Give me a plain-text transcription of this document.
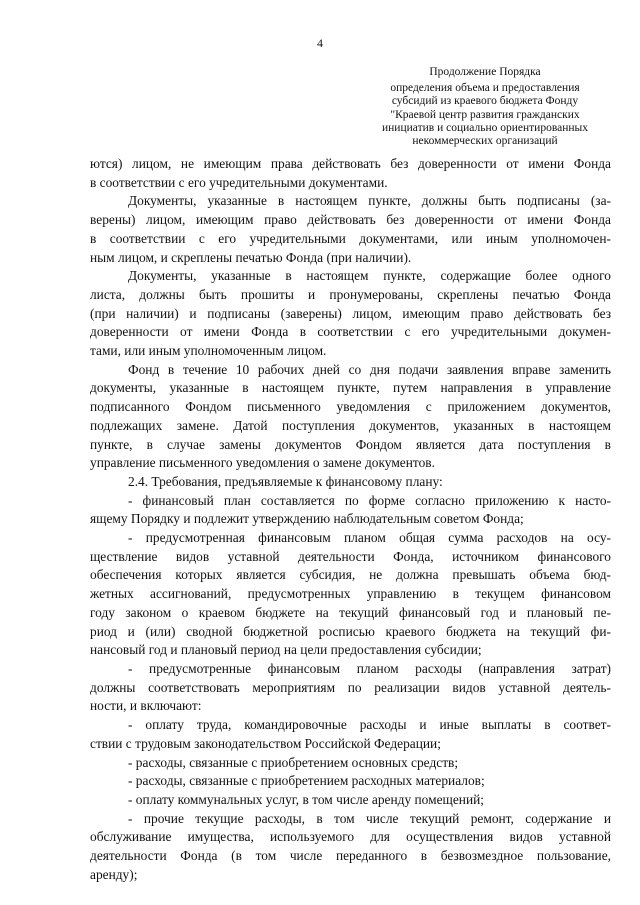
4
Продолжение Порядка
определения объема и предоставления
субсидий из краевого бюджета Фонду
"Краевой центр развития гражданских
инициатив и социально ориентированных
некоммерческих организаций
ются) лицом, не имеющим права действовать без доверенности от имени Фонда
в соответствии с его учредительными документами.
Документы, указанные в настоящем пункте, должны быть подписаны (за-
верены) лицом, имеющим право действовать без доверенности от имени Фонда
в соответствии с его учредительными документами, или иным уполномочен-
ным лицом, и скреплены печатью Фонда (при наличии).
Документы, указанные в настоящем пункте, содержащие более одного
листа, должны быть прошиты и пронумерованы, скреплены печатью Фонда
(при наличии) и подписаны (заверены) лицом, имеющим право действовать без
доверенности от имени Фонда в соответствии с его учредительными докумен-
тами, или иным уполномоченным лицом.
Фонд в течение 10 рабочих дней со дня подачи заявления вправе заменить
документы, указанные в настоящем пункте, путем направления в управление
подписанного Фондом письменного уведомления с приложением документов,
подлежащих замене. Датой поступления документов, указанных в настоящем
пункте, в случае замены документов Фондом является дата поступления в
управление письменного уведомления о замене документов.
2.4. Требования, предъявляемые к финансовому плану:
- финансовый план составляется по форме согласно приложению к насто-
ящему Порядку и подлежит утверждению наблюдательным советом Фонда;
- предусмотренная финансовым планом общая сумма расходов на осу-
ществление видов уставной деятельности Фонда, источником финансового
обеспечения которых является субсидия, не должна превышать объема бюд-
жетных ассигнований, предусмотренных управлению в текущем финансовом
году законом о краевом бюджете на текущий финансовый год и плановый пе-
риод и (или) сводной бюджетной росписью краевого бюджета на текущий фи-
нансовый год и плановый период на цели предоставления субсидии;
- предусмотренные финансовым планом расходы (направления затрат)
должны соответствовать мероприятиям по реализации видов уставной деятель-
ности, и включают:
- оплату труда, командировочные расходы и иные выплаты в соответ-
ствии с трудовым законодательством Российской Федерации;
- расходы, связанные с приобретением основных средств;
- расходы, связанные с приобретением расходных материалов;
- оплату коммунальных услуг, в том числе аренду помещений;
- прочие текущие расходы, в том числе текущий ремонт, содержание и
обслуживание имущества, используемого для осуществления видов уставной
деятельности Фонда (в том числе переданного в безвозмездное пользование,
аренду);
